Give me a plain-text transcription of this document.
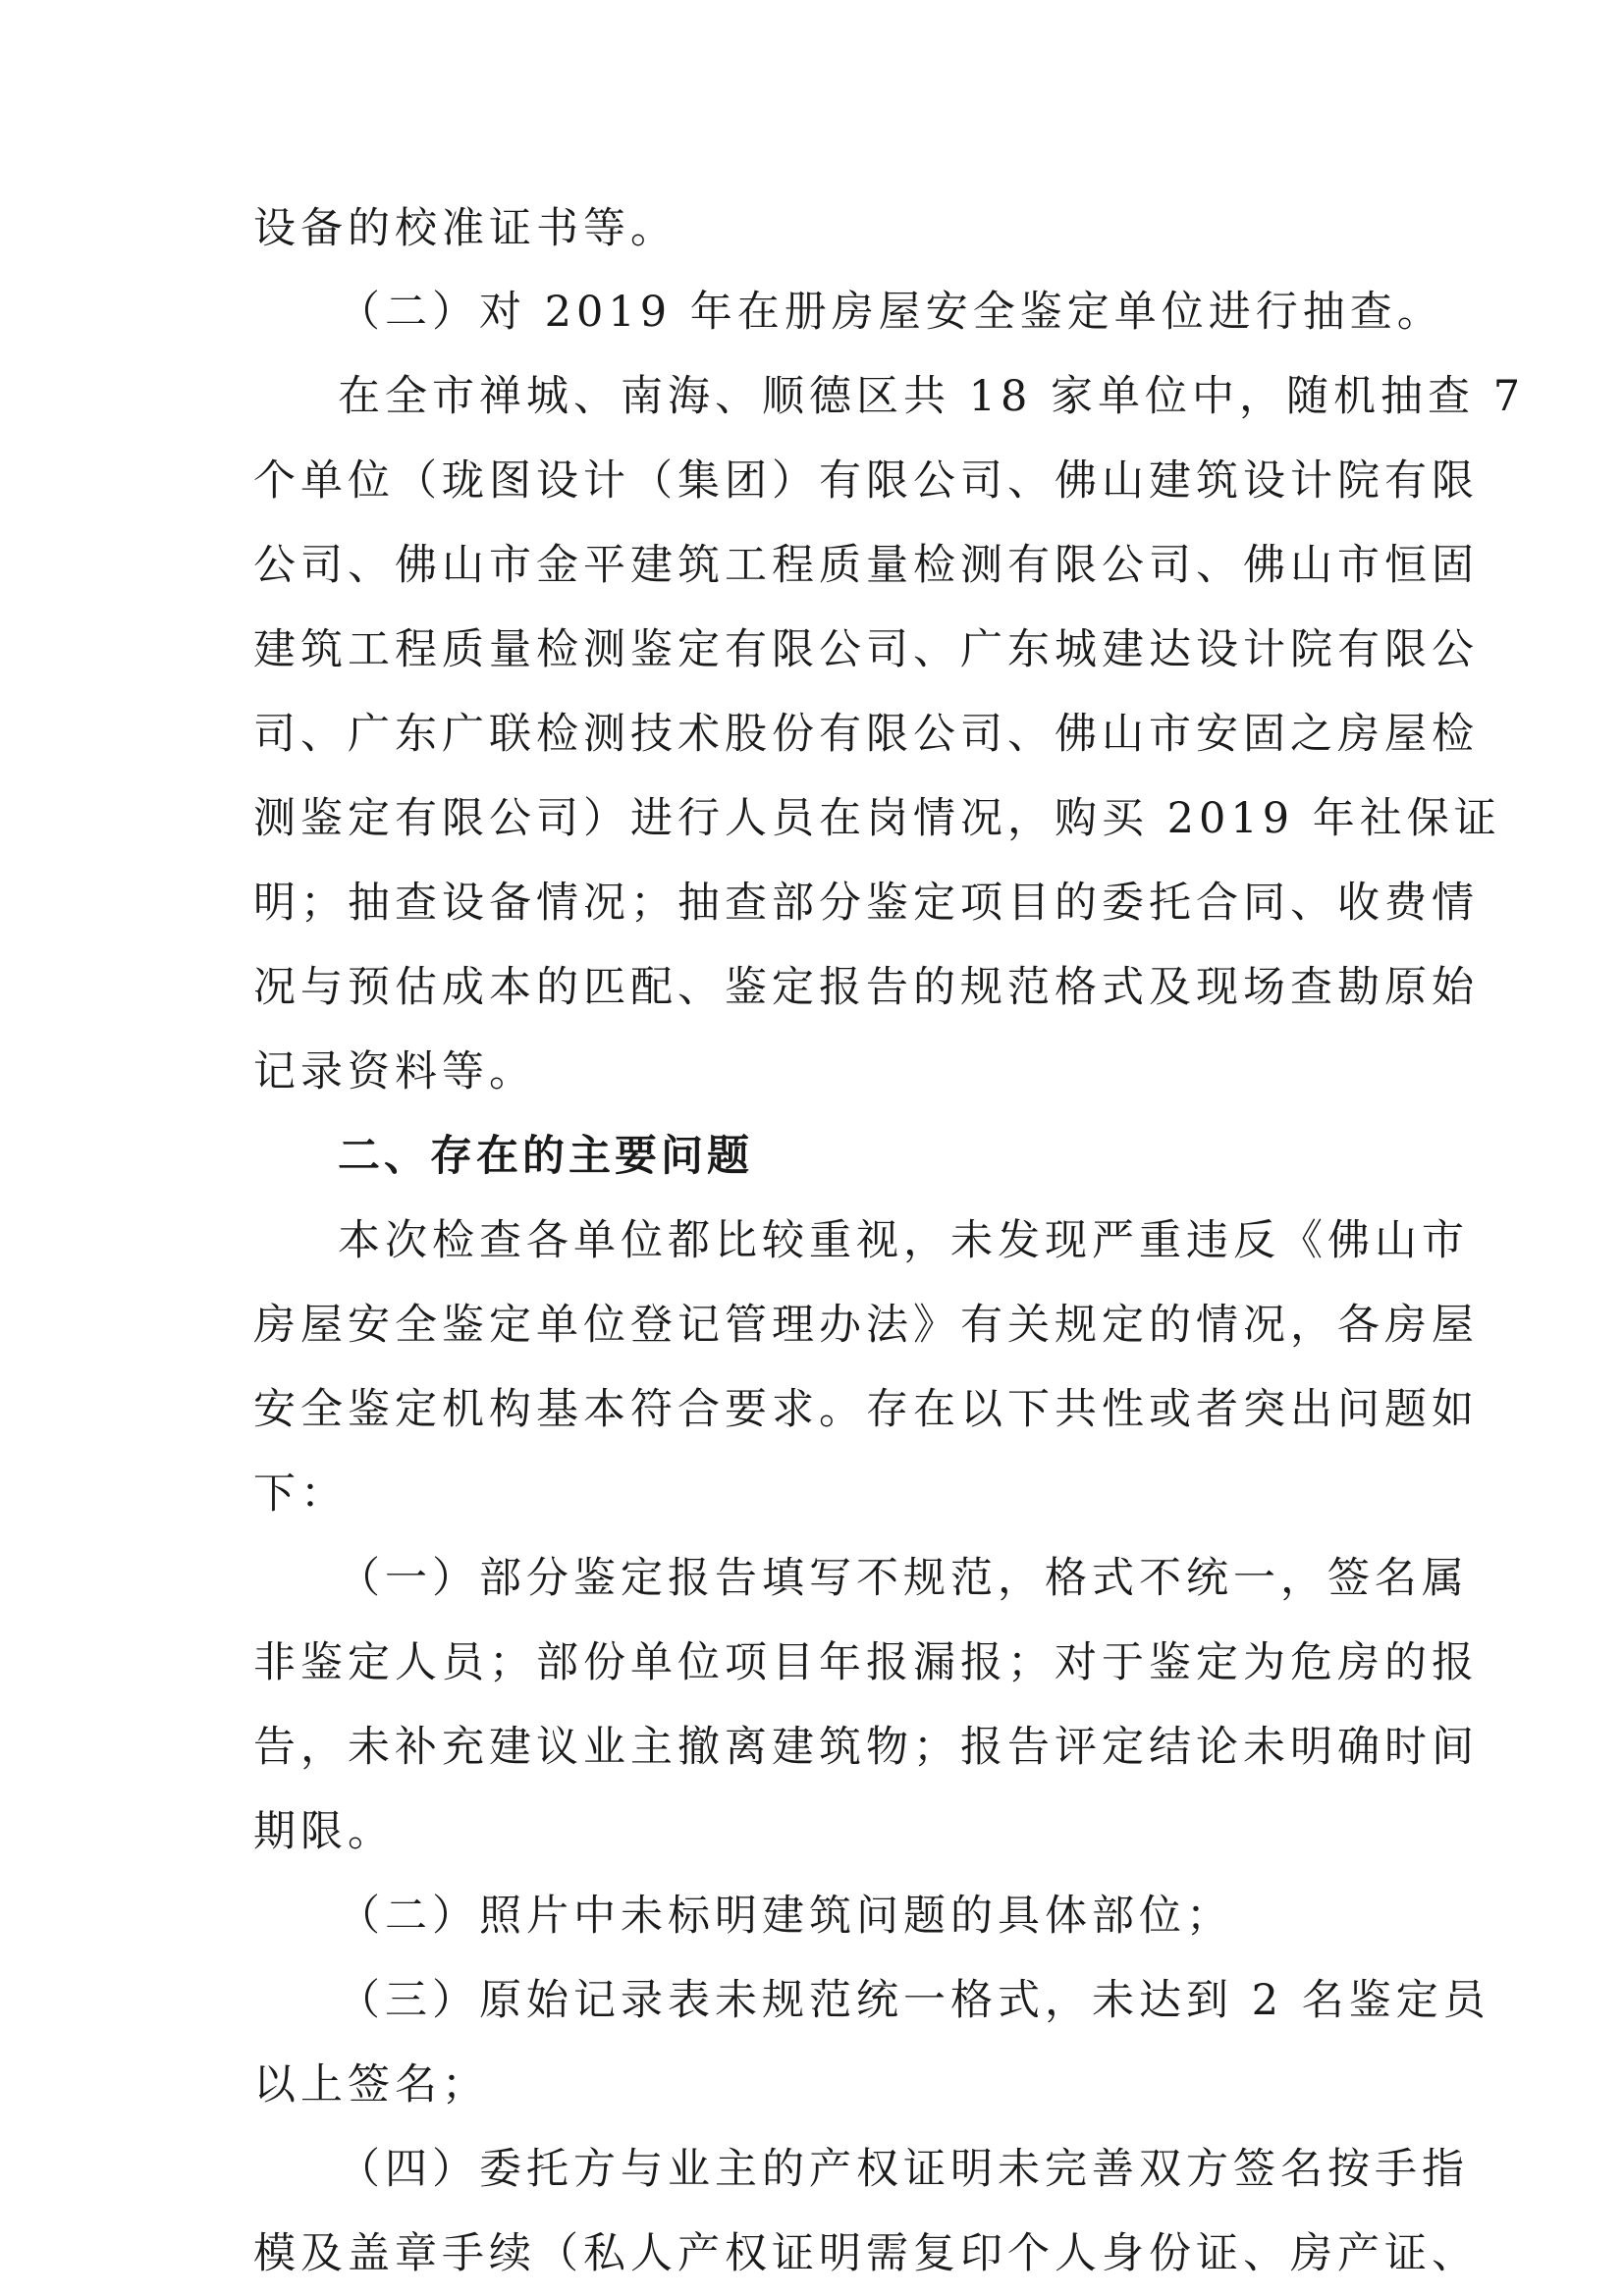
设备的校准证书等。

（二）对 2019 年在册房屋安全鉴定单位进行抽查。

在全市禅城、南海、顺德区共 18 家单位中，随机抽查 7

个单位（珑图设计（集团）有限公司、佛山建筑设计院有限

公司、佛山市金平建筑工程质量检测有限公司、佛山市恒固

建筑工程质量检测鉴定有限公司、广东城建达设计院有限公

司、广东广联检测技术股份有限公司、佛山市安固之房屋检

测鉴定有限公司）进行人员在岗情况，购买 2019 年社保证

明；抽查设备情况；抽查部分鉴定项目的委托合同、收费情

况与预估成本的匹配、鉴定报告的规范格式及现场查勘原始

记录资料等。

二、存在的主要问题

本次检查各单位都比较重视，未发现严重违反《佛山市

房屋安全鉴定单位登记管理办法》有关规定的情况，各房屋

安全鉴定机构基本符合要求。存在以下共性或者突出问题如

下：

（一）部分鉴定报告填写不规范，格式不统一，签名属

非鉴定人员；部份单位项目年报漏报；对于鉴定为危房的报

告，未补充建议业主撤离建筑物；报告评定结论未明确时间

期限。

（二）照片中未标明建筑问题的具体部位；

（三）原始记录表未规范统一格式，未达到 2 名鉴定员

以上签名；

（四）委托方与业主的产权证明未完善双方签名按手指

模及盖章手续（私人产权证明需复印个人身份证、房产证、
